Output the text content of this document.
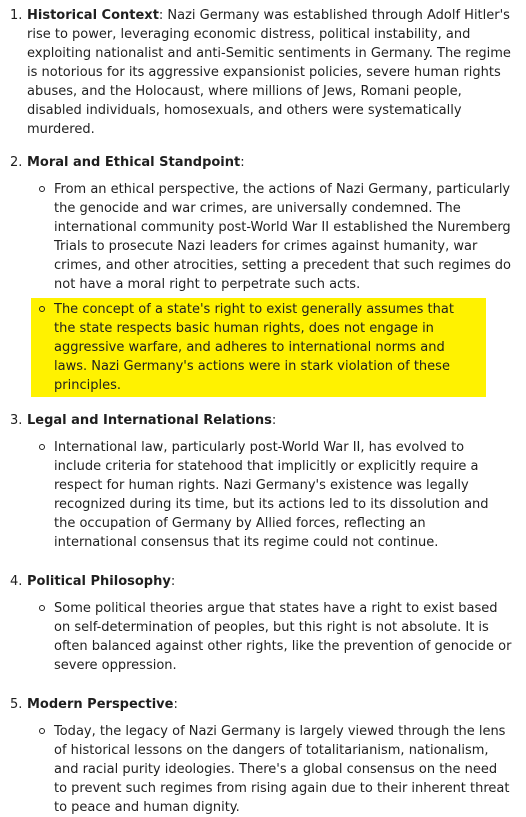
1. Historical Context: Nazi Germany was established through Adolf Hitler's rise to power, leveraging economic distress, political instability, and exploiting nationalist and anti-Semitic sentiments in Germany. The regime is notorious for its aggressive expansionist policies, severe human rights abuses, and the Holocaust, where millions of Jews, Romani people, disabled individuals, homosexuals, and others were systematically murdered.

2. Moral and Ethical Standpoint:

From an ethical perspective, the actions of Nazi Germany, particularly the genocide and war crimes, are universally condemned. The international community post-World War II established the Nuremberg Trials to prosecute Nazi leaders for crimes against humanity, war crimes, and other atrocities, setting a precedent that such regimes do not have a moral right to perpetrate such acts.
The concept of a state's right to exist generally assumes that the state respects basic human rights, does not engage in aggressive warfare, and adheres to international norms and laws. Nazi Germany's actions were in stark violation of these principles.
3. Legal and International Relations:

International law, particularly post-World War II, has evolved to include criteria for statehood that implicitly or explicitly require a respect for human rights. Nazi Germany's existence was legally recognized during its time, but its actions led to its dissolution and the occupation of Germany by Allied forces, reflecting an international consensus that its regime could not continue.
4. Political Philosophy:

Some political theories argue that states have a right to exist based on self-determination of peoples, but this right is not absolute. It is often balanced against other rights, like the prevention of genocide or severe oppression.
5. Modern Perspective:

Today, the legacy of Nazi Germany is largely viewed through the lens of historical lessons on the dangers of totalitarianism, nationalism, and racial purity ideologies. There's a global consensus on the need to prevent such regimes from rising again due to their inherent threat to peace and human dignity.
